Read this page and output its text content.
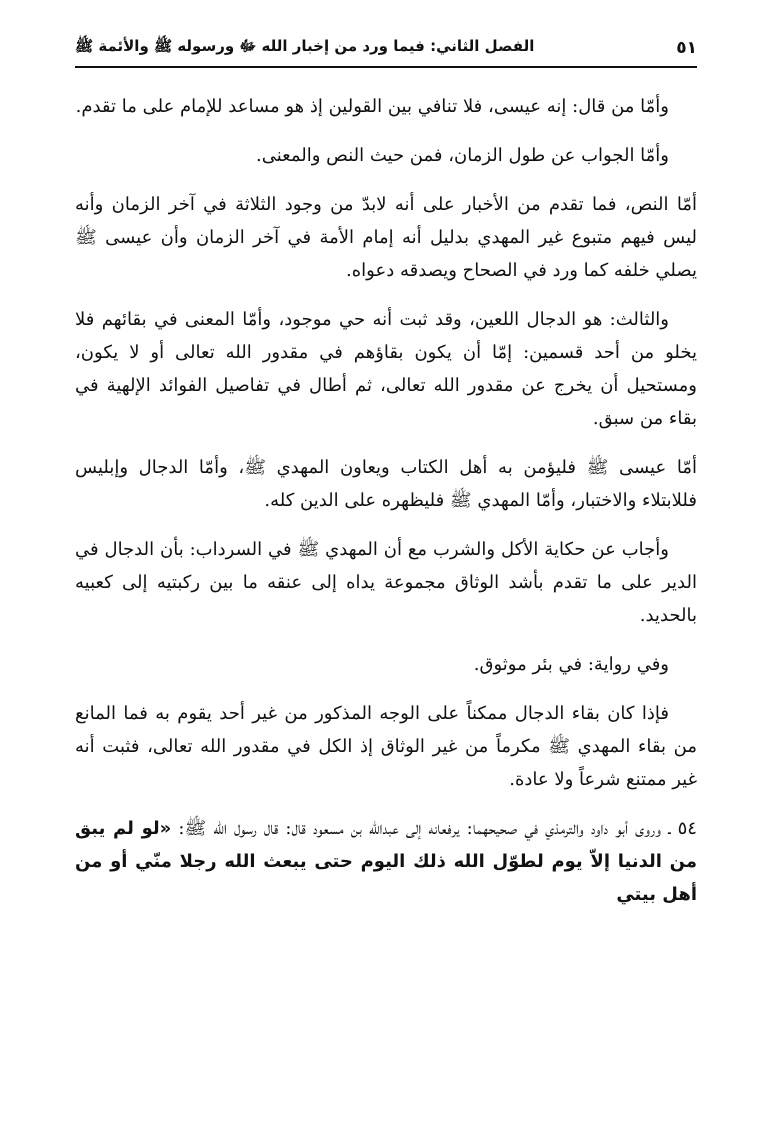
الفصل الثاني: فيما ورد من إخبار الله ﷻ ورسوله ﷺ والأئمة ﷺ	٥١

وأمّا من قال: إنه عيسى، فلا تنافي بين القولين إذ هو مساعد للإمام على ما تقدم.

وأمّا الجواب عن طول الزمان، فمن حيث النص والمعنى.

أمّا النص، فما تقدم من الأخبار على أنه لابدّ من وجود الثلاثة في آخر الزمان وأنه ليس فيهم متبوع غير المهدي بدليل أنه إمام الأمة في آخر الزمان وأن عيسى ﷺ يصلي خلفه كما ورد في الصحاح ويصدقه دعواه.

والثالث: هو الدجال اللعين، وقد ثبت أنه حي موجود، وأمّا المعنى في بقائهم فلا يخلو من أحد قسمين: إمّا أن يكون بقاؤهم في مقدور الله تعالى أو لا يكون، ومستحيل أن يخرج عن مقدور الله تعالى، ثم أطال في تفاصيل الفوائد الإلهية في بقاء من سبق.

أمّا عيسى ﷺ فليؤمن به أهل الكتاب ويعاون المهدي ﷺ، وأمّا الدجال وإبليس فللابتلاء والاختبار، وأمّا المهدي ﷺ فليظهره على الدين كله.

وأجاب عن حكاية الأكل والشرب مع أن المهدي ﷺ في السرداب: بأن الدجال في الدير على ما تقدم بأشد الوثاق مجموعة يداه إلى عنقه ما بين ركبتيه إلى كعبيه بالحديد.

وفي رواية: في بئر موثوق.

فإذا كان بقاء الدجال ممكناً على الوجه المذكور من غير أحد يقوم به فما المانع من بقاء المهدي ﷺ مكرماً من غير الوثاق إذ الكل في مقدور الله تعالى، فثبت أنه غير ممتنع شرعاً ولا عادة.

٥٤ ـ وروى أبو داود والترمذي في صحيحهما: يرفعانه إلى عبدالله بن مسعود قال: قال رسول الله ﷺ: «لو لم يبق من الدنيا إلاّ يوم لطوّل الله ذلك اليوم حتى يبعث الله رجلا منّي أو من أهل بيتي
